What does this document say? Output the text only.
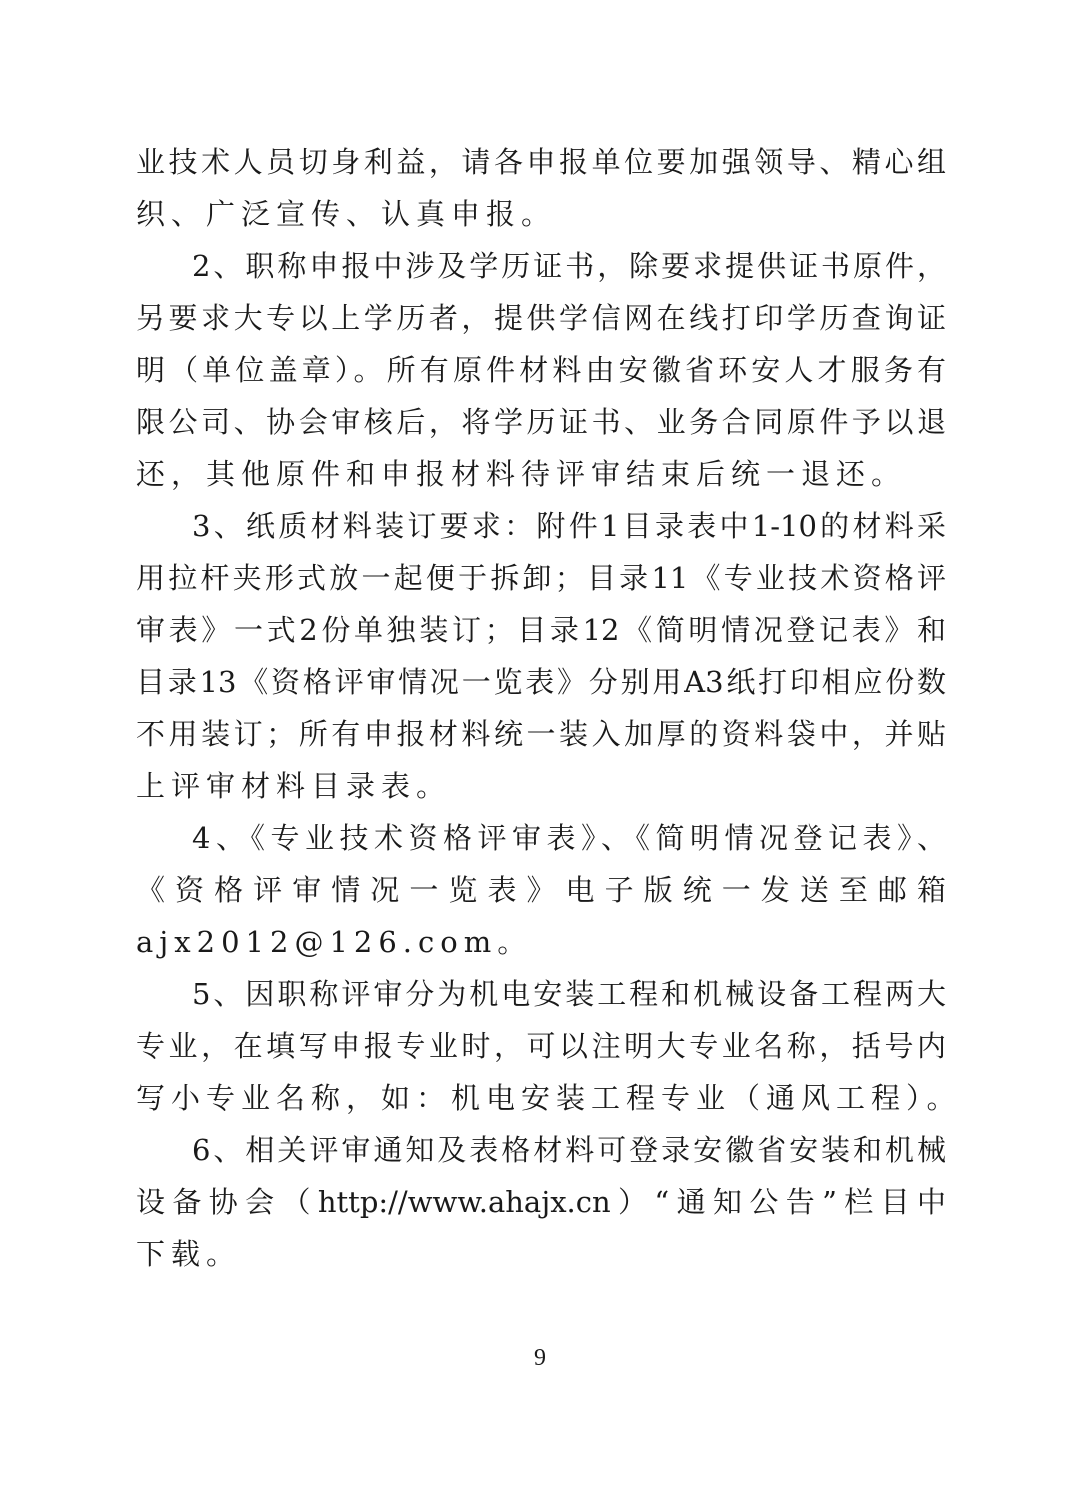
业技术人员切身利益，请各申报单位要加强领导、精心组
织、广泛宣传、认真申报。
2、职称申报中涉及学历证书，除要求提供证书原件，
另要求大专以上学历者，提供学信网在线打印学历查询证
明（单位盖章）。所有原件材料由安徽省环安人才服务有
限公司、协会审核后，将学历证书、业务合同原件予以退
还，其他原件和申报材料待评审结束后统一退还。
3、纸质材料装订要求：附件1目录表中1-10的材料采
用拉杆夹形式放一起便于拆卸；目录11《专业技术资格评
审表》一式2份单独装订；目录12《简明情况登记表》和
目录13《资格评审情况一览表》分别用A3纸打印相应份数
不用装订；所有申报材料统一装入加厚的资料袋中，并贴
上评审材料目录表。
4、《专业技术资格评审表》、《简明情况登记表》、
《资格评审情况一览表》电子版统一发送至邮箱
ajx2012@126.com。
5、因职称评审分为机电安装工程和机械设备工程两大
专业，在填写申报专业时，可以注明大专业名称，括号内
写小专业名称，如：机电安装工程专业（通风工程）。
6、相关评审通知及表格材料可登录安徽省安装和机械
设备协会（http://www.ahajx.cn）“通知公告”栏目中
下载。
9
